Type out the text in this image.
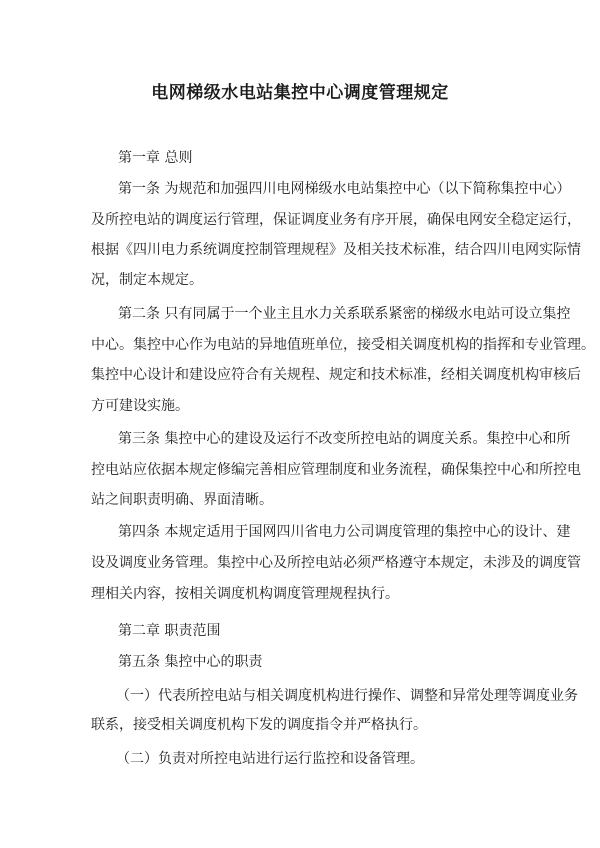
电网梯级水电站集控中心调度管理规定
第一章 总则
第一条 为规范和加强四川电网梯级水电站集控中心（以下简称集控中心）
及所控电站的调度运行管理，保证调度业务有序开展，确保电网安全稳定运行，
根据《四川电力系统调度控制管理规程》及相关技术标准，结合四川电网实际情
况，制定本规定。
第二条 只有同属于一个业主且水力关系联系紧密的梯级水电站可设立集控
中心。集控中心作为电站的异地值班单位，接受相关调度机构的指挥和专业管理。
集控中心设计和建设应符合有关规程、规定和技术标准，经相关调度机构审核后
方可建设实施。
第三条 集控中心的建设及运行不改变所控电站的调度关系。集控中心和所
控电站应依据本规定修编完善相应管理制度和业务流程，确保集控中心和所控电
站之间职责明确、界面清晰。
第四条 本规定适用于国网四川省电力公司调度管理的集控中心的设计、建
设及调度业务管理。集控中心及所控电站必须严格遵守本规定，未涉及的调度管
理相关内容，按相关调度机构调度管理规程执行。
第二章 职责范围
第五条 集控中心的职责
（一）代表所控电站与相关调度机构进行操作、调整和异常处理等调度业务
联系，接受相关调度机构下发的调度指令并严格执行。
（二）负责对所控电站进行运行监控和设备管理。
